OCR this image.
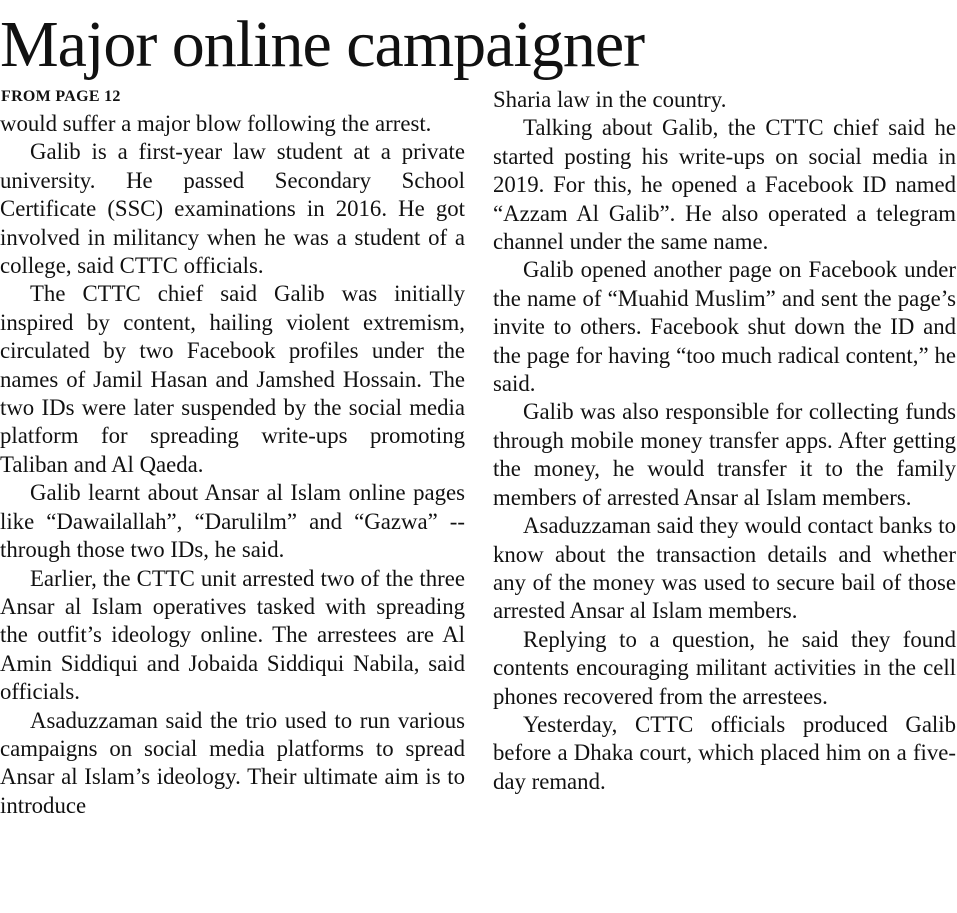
Major online campaigner
FROM PAGE 12

would suffer a major blow following the arrest.

Galib is a first-year law student at a private university. He passed Secondary School Certificate (SSC) examinations in 2016. He got involved in militancy when he was a student of a college, said CTTC officials.

The CTTC chief said Galib was initially inspired by content, hailing violent extremism, circulated by two Facebook profiles under the names of Jamil Hasan and Jamshed Hossain. The two IDs were later suspended by the social media platform for spreading write-ups promoting Taliban and Al Qaeda.

Galib learnt about Ansar al Islam online pages like “Dawailallah”, “Darulilm” and “Gazwa” --through those two IDs, he said.

Earlier, the CTTC unit arrested two of the three Ansar al Islam operatives tasked with spreading the outfit’s ideology online. The arrestees are Al Amin Siddiqui and Jobaida Siddiqui Nabila, said officials.

Asaduzzaman said the trio used to run various campaigns on social media platforms to spread Ansar al Islam’s ideology. Their ultimate aim is to introduce

Sharia law in the country.

Talking about Galib, the CTTC chief said he started posting his write-ups on social media in 2019. For this, he opened a Facebook ID named “Azzam Al Galib”. He also operated a telegram channel under the same name.

Galib opened another page on Facebook under the name of “Muahid Muslim” and sent the page’s invite to others. Facebook shut down the ID and the page for having “too much radical content,” he said.

Galib was also responsible for collecting funds through mobile money transfer apps. After getting the money, he would transfer it to the family members of arrested Ansar al Islam members.

Asaduzzaman said they would contact banks to know about the transaction details and whether any of the money was used to secure bail of those arrested Ansar al Islam members.

Replying to a question, he said they found contents encouraging militant activities in the cell phones recovered from the arrestees.

Yesterday, CTTC officials produced Galib before a Dhaka court, which placed him on a five-day remand.
